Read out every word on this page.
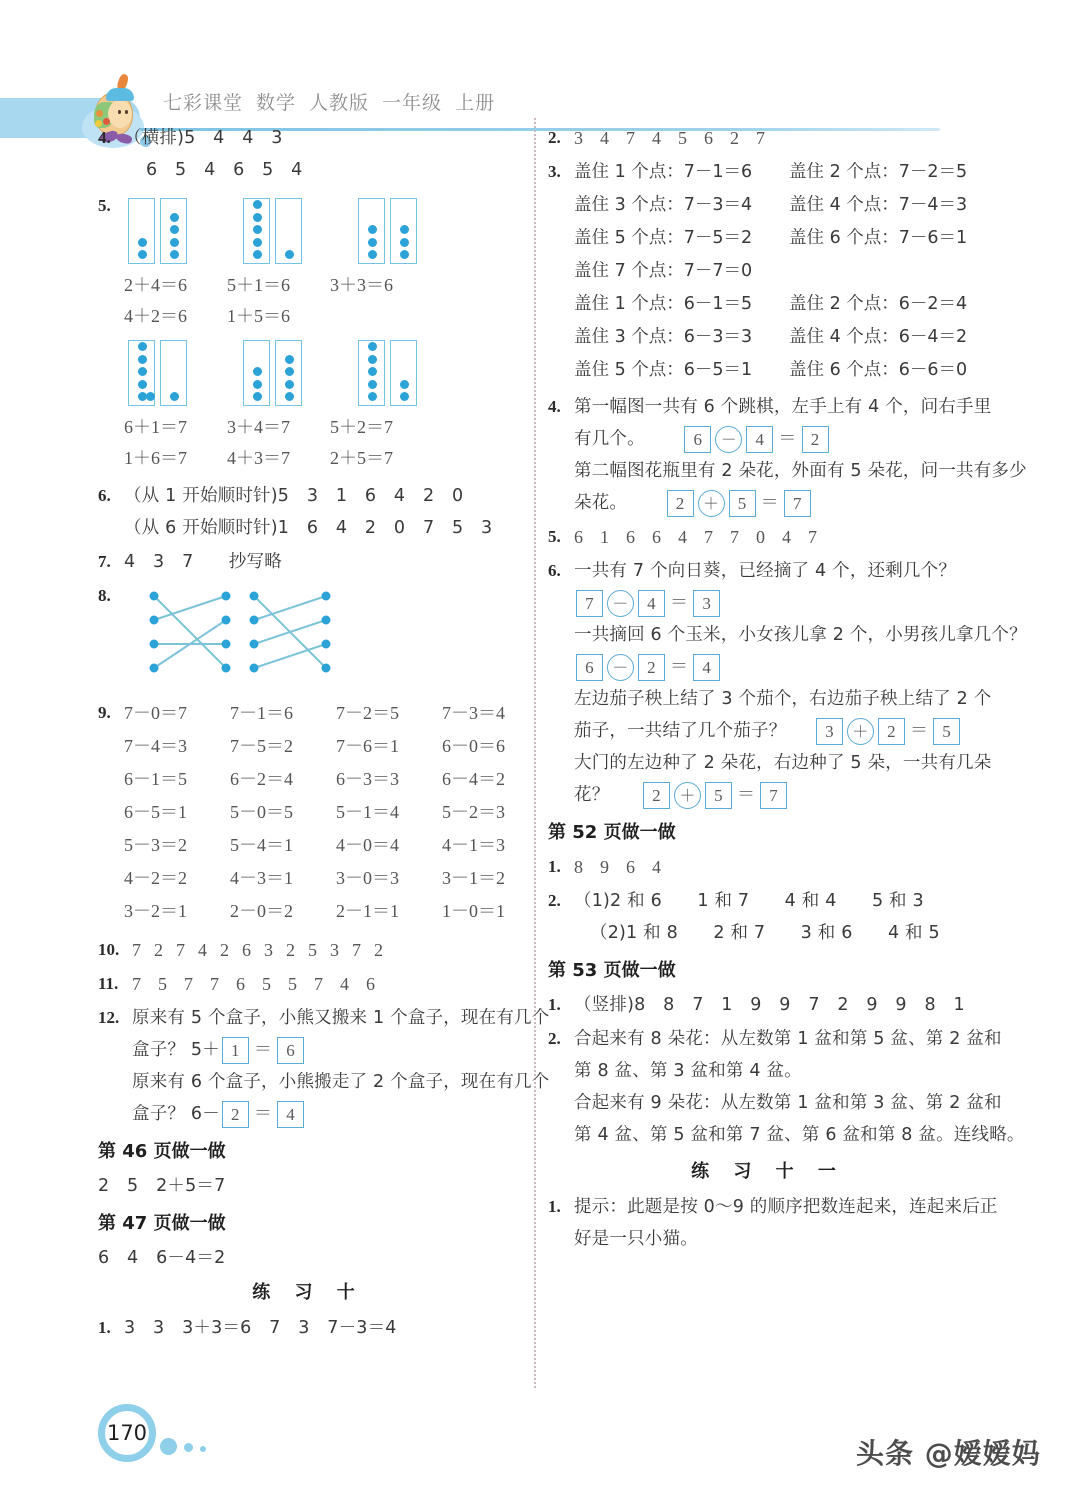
七彩课堂 数学 人教版 一年级 上册
4. （横排)5　4　4　3
6　5　4　6　5　4
5.
2＋4＝6	5＋1＝6	3＋3＝6
4＋2＝6	1＋5＝6
6＋1＝7	3＋4＝7	5＋2＝7
1＋6＝7	4＋3＝7	2＋5＝7
6. （从 1 开始顺时针)5　3　1　6　4　2　0
（从 6 开始顺时针)1　6　4　2　0　7　5　3
7. 4　3　7　　抄写略
8.
9. 7－0＝7	7－1＝6	7－2＝5	7－3＝4
7－4＝3	7－5＝2	7－6＝1	6－0＝6
6－1＝5	6－2＝4	6－3＝3	6－4＝2
6－5＝1	5－0＝5	5－1＝4	5－2＝3
5－3＝2	5－4＝1	4－0＝4	4－1＝3
4－2＝2	4－3＝1	3－0＝3	3－1＝2
3－2＝1	2－0＝2	2－1＝1	1－0＝1
10. 7 2 7 4 2 6 3 2 5 3 7 2
11. 7 5 7 7 6 5 5 7 4 6
12. 原来有 5 个盒子，小熊又搬来 1 个盒子，现在有几个
盒子？ 5＋ 1 ＝ 6
原来有 6 个盒子，小熊搬走了 2 个盒子，现在有几个
盒子？ 6－ 2 ＝ 4
第 46 页做一做
2　5　2＋5＝7
第 47 页做一做
6　4　6－4＝2
练 习 十
1. 3　3　3＋3＝6　7　3　7－3＝4
2. 3 4 7 4 5 6 2 7
3. 盖住 1 个点：7－1＝6	盖住 2 个点：7－2＝5
盖住 3 个点：7－3＝4	盖住 4 个点：7－4＝3
盖住 5 个点：7－5＝2	盖住 6 个点：7－6＝1
盖住 7 个点：7－7＝0
盖住 1 个点：6－1＝5	盖住 2 个点：6－2＝4
盖住 3 个点：6－3＝3	盖住 4 个点：6－4＝2
盖住 5 个点：6－5＝1	盖住 6 个点：6－6＝0
4. 第一幅图一共有 6 个跳棋，左手上有 4 个，问右手里
有几个。	6 － 4 ＝ 2
第二幅图花瓶里有 2 朵花，外面有 5 朵花，问一共有多少
朵花。	2 ＋ 5 ＝ 7
5. 6 1 6 6 4 7 7 0 4 7
6. 一共有 7 个向日葵，已经摘了 4 个，还剩几个？
7 － 4 ＝ 3
一共摘回 6 个玉米，小女孩儿拿 2 个，小男孩儿拿几个？
6 － 2 ＝ 4
左边茄子秧上结了 3 个茄个，右边茄子秧上结了 2 个
茄子，一共结了几个茄子？ 3 ＋ 2 ＝ 5
大门的左边种了 2 朵花，右边种了 5 朵，一共有几朵
花？	2 ＋ 5 ＝ 7
第 52 页做一做
1. 8 9 6 4
2. （1)2 和 6　　1 和 7　　4 和 4　　5 和 3
（2)1 和 8　　2 和 7　　3 和 6　　4 和 5
第 53 页做一做
1. （竖排)8　8　7　1　9　9　7　2　9　9　8　1
2. 合起来有 8 朵花：从左数第 1 盆和第 5 盆、第 2 盆和
第 8 盆、第 3 盆和第 4 盆。
合起来有 9 朵花：从左数第 1 盆和第 3 盆、第 2 盆和
第 4 盆、第 5 盆和第 7 盆、第 6 盆和第 8 盆。连线略。
练 习 十 一
1. 提示：此题是按 0～9 的顺序把数连起来，连起来后正
好是一只小猫。
170
头条 @嫒嫒妈
